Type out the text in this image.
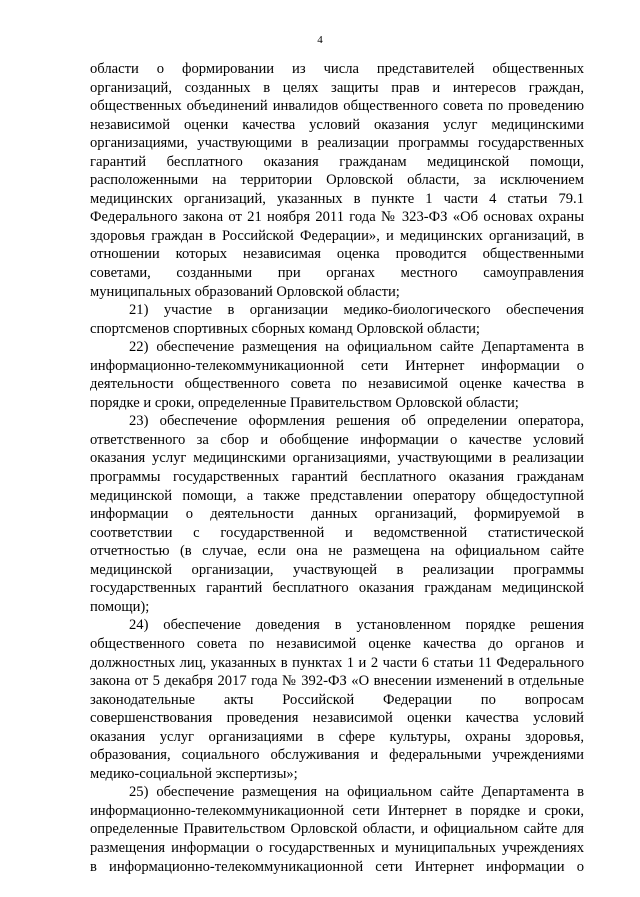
4
области о формировании из числа представителей общественных
организаций, созданных в целях защиты прав и интересов граждан,
общественных объединений инвалидов общественного совета по проведению
независимой оценки качества условий оказания услуг медицинскими
организациями, участвующими в реализации программы государственных
гарантий бесплатного оказания гражданам медицинской помощи,
расположенными на территории Орловской области, за исключением
медицинских организаций, указанных в пункте 1 части 4 статьи 79.1
Федерального закона от 21 ноября 2011 года № 323-ФЗ «Об основах охраны
здоровья граждан в Российской Федерации», и медицинских организаций, в
отношении которых независимая оценка проводится общественными
советами, созданными при органах местного самоуправления
муниципальных образований Орловской области;
21) участие в организации медико-биологического обеспечения
спортсменов спортивных сборных команд Орловской области;
22) обеспечение размещения на официальном сайте Департамента в
информационно-телекоммуникационной сети Интернет информации о
деятельности общественного совета по независимой оценке качества в
порядке и сроки, определенные Правительством Орловской области;
23) обеспечение оформления решения об определении оператора,
ответственного за сбор и обобщение информации о качестве условий
оказания услуг медицинскими организациями, участвующими в реализации
программы государственных гарантий бесплатного оказания гражданам
медицинской помощи, а также представлении оператору общедоступной
информации о деятельности данных организаций, формируемой в
соответствии с государственной и ведомственной статистической
отчетностью (в случае, если она не размещена на официальном сайте
медицинской организации, участвующей в реализации программы
государственных гарантий бесплатного оказания гражданам медицинской
помощи);
24) обеспечение доведения в установленном порядке решения
общественного совета по независимой оценке качества до органов и
должностных лиц, указанных в пунктах 1 и 2 части 6 статьи 11 Федерального
закона от 5 декабря 2017 года № 392-ФЗ «О внесении изменений в отдельные
законодательные акты Российской Федерации по вопросам
совершенствования проведения независимой оценки качества условий
оказания услуг организациями в сфере культуры, охраны здоровья,
образования, социального обслуживания и федеральными учреждениями
медико-социальной экспертизы»;
25) обеспечение размещения на официальном сайте Департамента в
информационно-телекоммуникационной сети Интернет в порядке и сроки,
определенные Правительством Орловской области, и официальном сайте для
размещения информации о государственных и муниципальных учреждениях
в информационно-телекоммуникационной сети Интернет информации о
